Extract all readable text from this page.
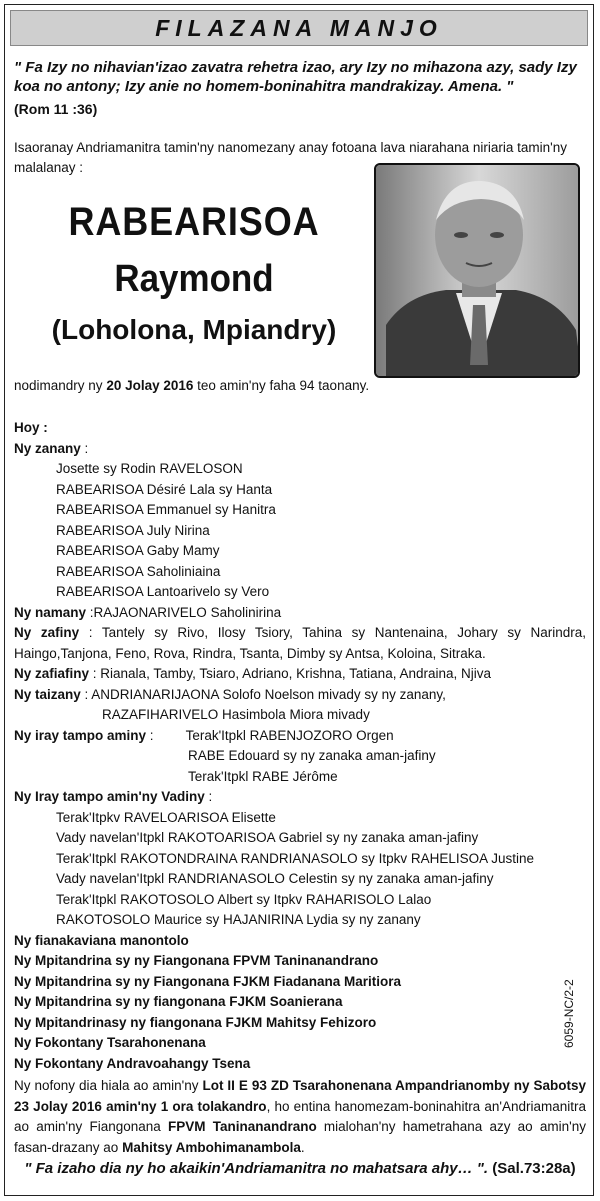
FILAZANA MANJO
" Fa Izy no nihavian'izao zavatra rehetra izao, ary Izy no mihazona azy, sady Izy koa no antony; Izy anie no homem-boninahitra mandrakizay. Amena. "
(Rom 11 :36)
Isaoranay Andriamanitra tamin'ny nanomezany anay fotoana lava niarahana niriaria tamin'ny malalanay :
RABEARISOA
Raymond
(Loholona, Mpiandry)
nodimandry ny 20 Jolay 2016 teo amin'ny faha 94 taonany.
Hoy :
Ny zanany :
Josette sy Rodin RAVELOSON
RABEARISOA Désiré Lala sy Hanta
RABEARISOA Emmanuel sy Hanitra
RABEARISOA July Nirina
RABEARISOA Gaby Mamy
RABEARISOA Saholiniaina
RABEARISOA Lantoarivelo sy Vero
Ny namany :RAJAONARIVELO Saholinirina
Ny zafiny : Tantely sy Rivo, Ilosy Tsiory, Tahina sy Nantenaina, Johary sy Narindra, Haingo,Tanjona, Feno, Rova, Rindra, Tsanta, Dimby sy Antsa, Koloina, Sitraka.
Ny zafiafiny : Rianala, Tamby, Tsiaro, Adriano, Krishna, Tatiana, Andraina, Njiva
Ny taizany : ANDRIANARIJAONA Solofo Noelson mivady sy ny zanany,
RAZAFIHARIVELO Hasimbola Miora mivady
Ny iray tampo aminy : Terak'Itpkl RABENJOZORO Orgen
RABE Edouard sy ny zanaka aman-jafiny
Terak'Itpkl RABE Jérôme
Ny Iray tampo amin'ny Vadiny :
Terak'Itpkv RAVELOARISOA Elisette
Vady navelan'Itpkl RAKOTOARISOA Gabriel sy ny zanaka aman-jafiny
Terak'Itpkl RAKOTONDRAINA RANDRIANASOLO sy Itpkv RAHELISOA Justine
Vady navelan'Itpkl RANDRIANASOLO Celestin sy ny zanaka aman-jafiny
Terak'Itpkl RAKOTOSOLO Albert sy Itpkv RAHARISOLO Lalao
RAKOTOSOLO Maurice sy HAJANIRINA Lydia sy ny zanany
Ny fianakaviana manontolo
Ny Mpitandrina sy ny Fiangonana FPVM Taninanandrano
Ny Mpitandrina sy ny Fiangonana FJKM Fiadanana Maritiora
Ny Mpitandrina sy ny fiangonana FJKM Soanierana
Ny Mpitandrinasy ny fiangonana FJKM Mahitsy Fehizoro
Ny Fokontany Tsarahonenana
Ny Fokontany Andravoahangy Tsena
6059-NC/2-2
Ny nofony dia hiala ao amin'ny Lot II E 93 ZD Tsarahonenana Ampandrianomby ny Sabotsy 23 Jolay 2016 amin'ny 1 ora tolakandro, ho entina hanomezam-boninahitra an'Andriamanitra ao amin'ny Fiangonana FPVM Taninanandrano mialohan'ny hametrahana azy ao amin'ny fasan-drazany ao Mahitsy Ambohimanambola.
" Fa izaho dia ny ho akaikin'Andriamanitra no mahatsara ahy… ". (Sal.73:28a)
